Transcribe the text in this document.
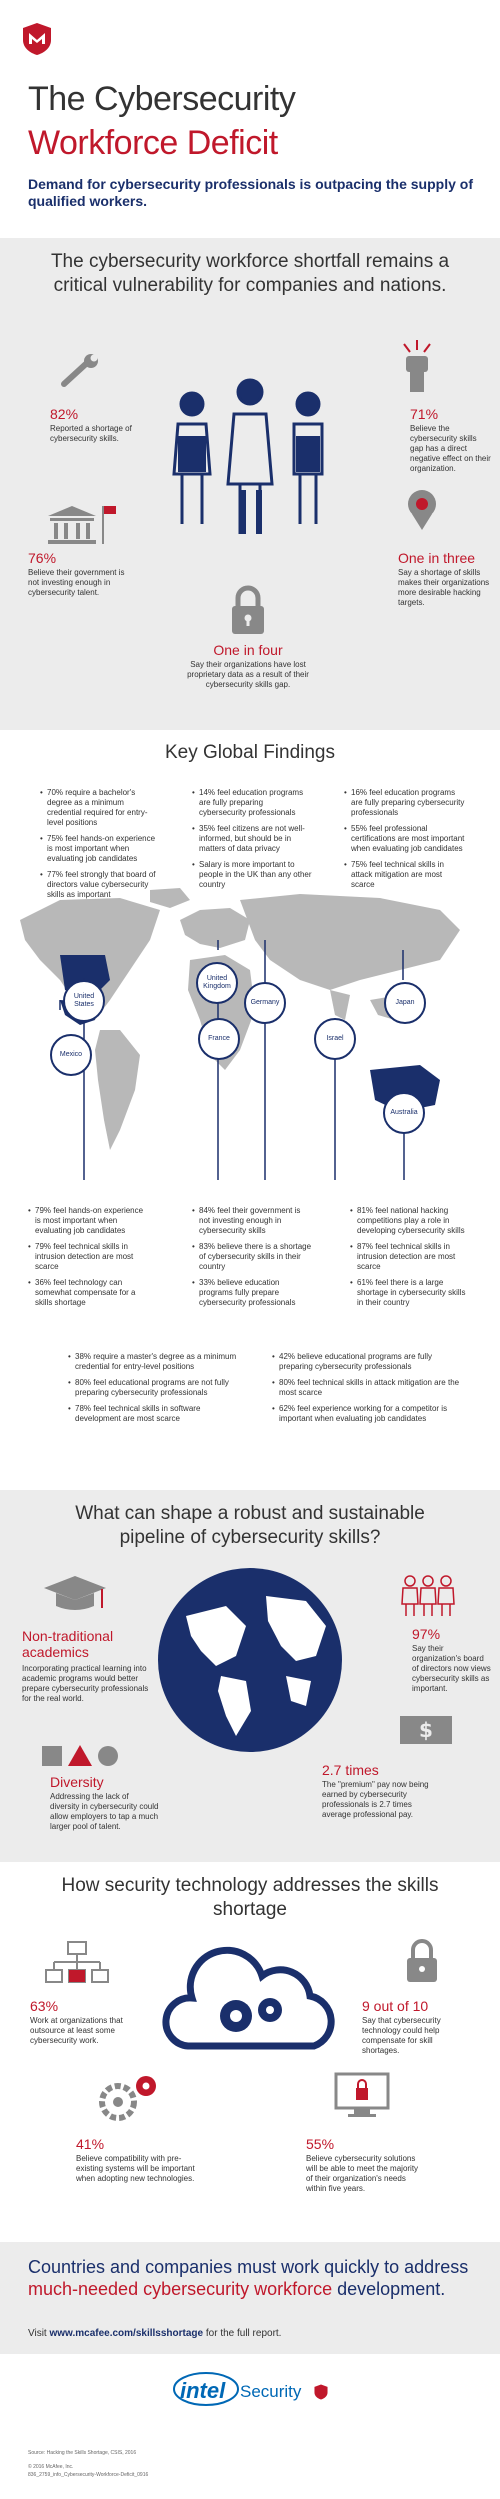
The Cybersecurity
Workforce Deficit
Demand for cybersecurity professionals is outpacing the supply of qualified workers.
The cybersecurity workforce shortfall remains a critical vulnerability for companies and nations.
82%
Reported a shortage of cybersecurity skills.
76%
Believe their government is not investing enough in cybersecurity talent.
71%
Believe the cybersecurity skills gap has a direct negative effect on their organization.
One in three
Say a shortage of skills makes their organizations more desirable hacking targets.
One in four
Say their organizations have lost proprietary data as a result of their cybersecurity skills gap.
Key Global Findings
• 70% require a bachelor's degree as a minimum credential required for entry-level positions
• 75% feel hands-on experience is most important when evaluating job candidates
• 77% feel strongly that board of directors value cybersecurity skills as important
• 14% feel education programs are fully preparing cybersecurity professionals
• 35% feel citizens are not well-informed, but should be in matters of data privacy
• Salary is more important to people in the UK than any other country
• 16% feel education programs are fully preparing cybersecurity professionals
• 55% feel professional certifications are most important when evaluating job candidates
• 75% feel technical skills in attack mitigation are most scarce
United States
United Kingdom
Germany	Japan
France	Israel
Mexico
Australia
• 79% feel hands-on experience is most important when evaluating job candidates
• 79% feel technical skills in intrusion detection are most scarce
• 36% feel technology can somewhat compensate for a skills shortage
• 84% feel their government is not investing enough in cybersecurity skills
• 83% believe there is a shortage of cybersecurity skills in their country
• 33% believe education programs fully prepare cybersecurity professionals
• 81% feel national hacking competitions play a role in developing cybersecurity skills
• 87% feel technical skills in intrusion detection are most scarce
• 61% feel there is a large shortage in cybersecurity skills in their country
• 38% require a master's degree as a minimum credential for entry-level positions
• 80% feel educational programs are not fully preparing cybersecurity professionals
• 78% feel technical skills in software development are most scarce
• 42% believe educational programs are fully preparing cybersecurity professionals
• 80% feel technical skills in attack mitigation are the most scarce
• 62% feel experience working for a competitor is important when evaluating job candidates
What can shape a robust and sustainable pipeline of cybersecurity skills?
Non-traditional academics
Incorporating practical learning into academic programs would better prepare cybersecurity professionals for the real world.
Diversity
Addressing the lack of diversity in cybersecurity could allow employers to tap a much larger pool of talent.
97%
Say their organization's board of directors now views cybersecurity skills as important.
$
2.7 times
The "premium" pay now being earned by cybersecurity professionals is 2.7 times average professional pay.
How security technology addresses the skills shortage
63%
Work at organizations that outsource at least some cybersecurity work.
9 out of 10
Say that cybersecurity technology could help compensate for skill shortages.
41%
Believe compatibility with pre-existing systems will be important when adopting new technologies.
55%
Believe cybersecurity solutions will be able to meet the majority of their organization's needs within five years.
Countries and companies must work quickly to address much-needed cybersecurity workforce development.
Visit www.mcafee.com/skillsshortage for the full report.
intel Security
Source: Hacking the Skills Shortage, CSIS, 2016
© 2016 McAfee, Inc.
836_2759_info_Cybersecurity-Workforce-Deficit_0916
